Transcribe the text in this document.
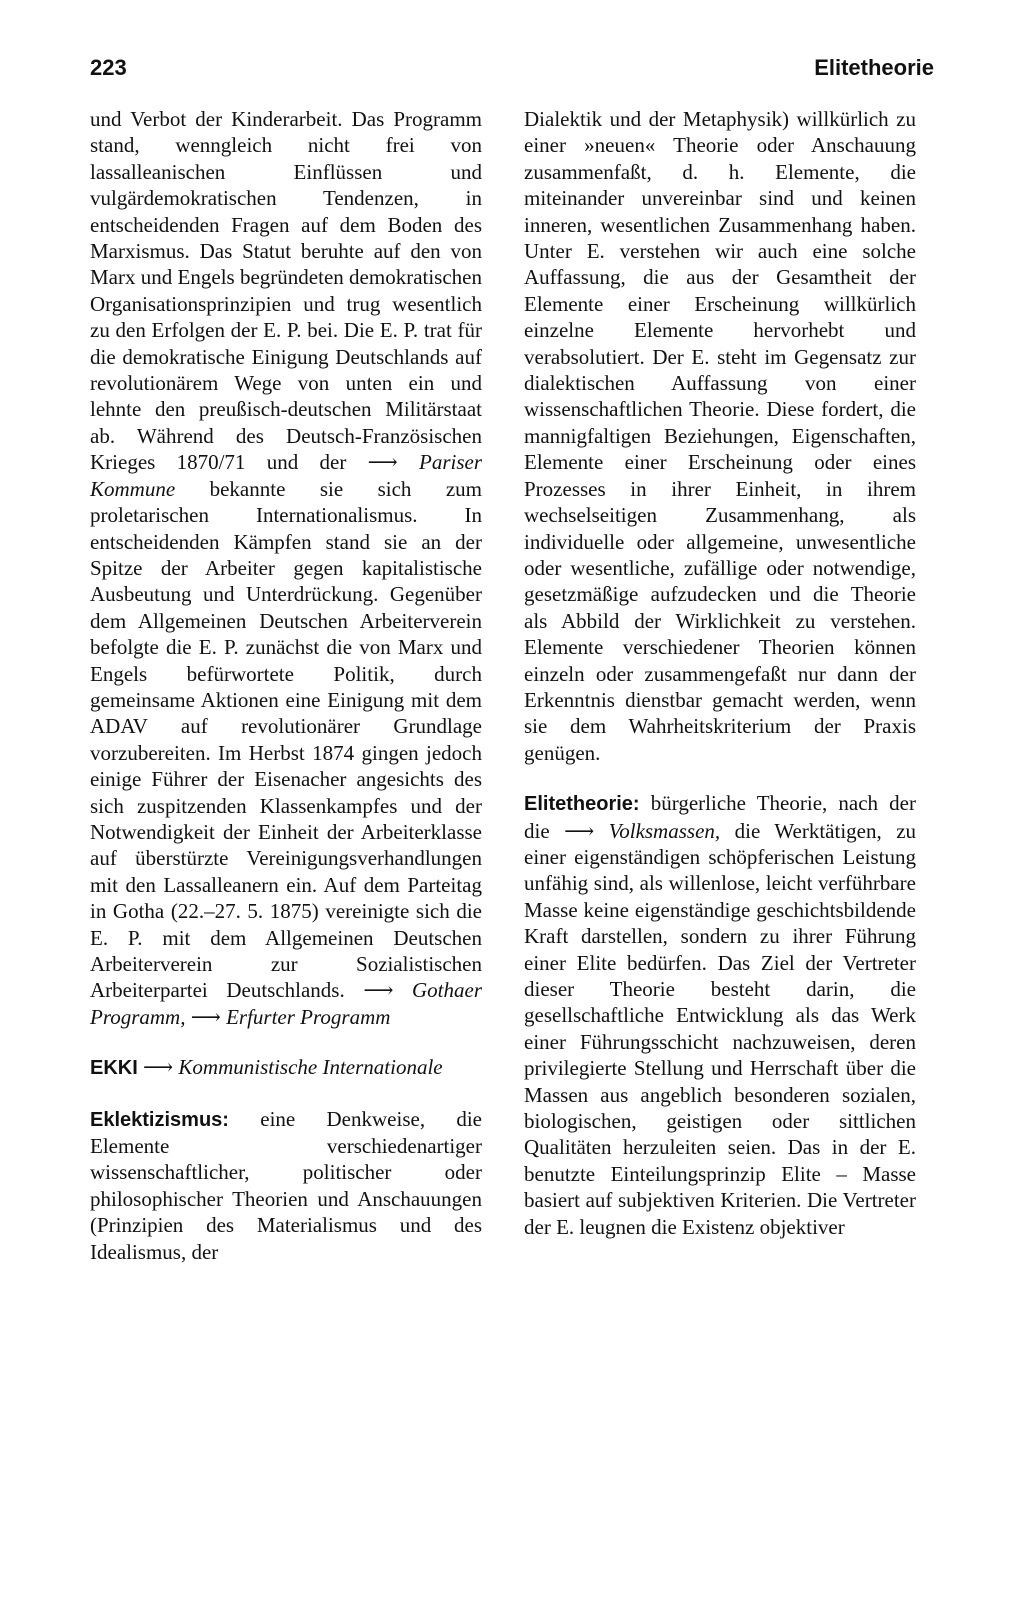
223	Elitetheorie

und Verbot der Kinderarbeit. Das Programm stand, wenngleich nicht frei von lassalleanischen Einflüssen und vulgärdemokratischen Tendenzen, in entscheidenden Fragen auf dem Boden des Marxismus. Das Statut beruhte auf den von Marx und Engels begründeten demokratischen Organisationsprinzipien und trug wesentlich zu den Erfolgen der E. P. bei. Die E. P. trat für die demokratische Einigung Deutschlands auf revolutionärem Wege von unten ein und lehnte den preußisch-deutschen Militärstaat ab. Während des Deutsch-Französischen Krieges 1870/71 und der ⟶ Pariser Kommune bekannte sie sich zum proletarischen Internationalismus. In entscheidenden Kämpfen stand sie an der Spitze der Arbeiter gegen kapitalistische Ausbeutung und Unterdrückung. Gegenüber dem Allgemeinen Deutschen Arbeiterverein befolgte die E. P. zunächst die von Marx und Engels befürwortete Politik, durch gemeinsame Aktionen eine Einigung mit dem ADAV auf revolutionärer Grundlage vorzubereiten. Im Herbst 1874 gingen jedoch einige Führer der Eisenacher angesichts des sich zuspitzenden Klassenkampfes und der Notwendigkeit der Einheit der Arbeiterklasse auf überstürzte Vereinigungsverhandlungen mit den Lassalleanern ein. Auf dem Parteitag in Gotha (22.–27. 5. 1875) vereinigte sich die E. P. mit dem Allgemeinen Deutschen Arbeiterverein zur Sozialistischen Arbeiterpartei Deutschlands. ⟶ Gothaer Programm, ⟶ Erfurter Programm

EKKI ⟶ Kommunistische Internationale

Eklektizismus: eine Denkweise, die Elemente verschiedenartiger wissenschaftlicher, politischer oder philosophischer Theorien und Anschauungen (Prinzipien des Materialismus und des Idealismus, der

Dialektik und der Metaphysik) willkürlich zu einer »neuen« Theorie oder Anschauung zusammenfaßt, d. h. Elemente, die miteinander unvereinbar sind und keinen inneren, wesentlichen Zusammenhang haben. Unter E. verstehen wir auch eine solche Auffassung, die aus der Gesamtheit der Elemente einer Erscheinung willkürlich einzelne Elemente hervorhebt und verabsolutiert. Der E. steht im Gegensatz zur dialektischen Auffassung von einer wissenschaftlichen Theorie. Diese fordert, die mannigfaltigen Beziehungen, Eigenschaften, Elemente einer Erscheinung oder eines Prozesses in ihrer Einheit, in ihrem wechselseitigen Zusammenhang, als individuelle oder allgemeine, unwesentliche oder wesentliche, zufällige oder notwendige, gesetzmäßige aufzudecken und die Theorie als Abbild der Wirklichkeit zu verstehen. Elemente verschiedener Theorien können einzeln oder zusammengefaßt nur dann der Erkenntnis dienstbar gemacht werden, wenn sie dem Wahrheitskriterium der Praxis genügen.

Elitetheorie: bürgerliche Theorie, nach der die ⟶ Volksmassen, die Werktätigen, zu einer eigenständigen schöpferischen Leistung unfähig sind, als willenlose, leicht verführbare Masse keine eigenständige geschichtsbildende Kraft darstellen, sondern zu ihrer Führung einer Elite bedürfen. Das Ziel der Vertreter dieser Theorie besteht darin, die gesellschaftliche Entwicklung als das Werk einer Führungsschicht nachzuweisen, deren privilegierte Stellung und Herrschaft über die Massen aus angeblich besonderen sozialen, biologischen, geistigen oder sittlichen Qualitäten herzuleiten seien. Das in der E. benutzte Einteilungsprinzip Elite – Masse basiert auf subjektiven Kriterien. Die Vertreter der E. leugnen die Existenz objektiver
